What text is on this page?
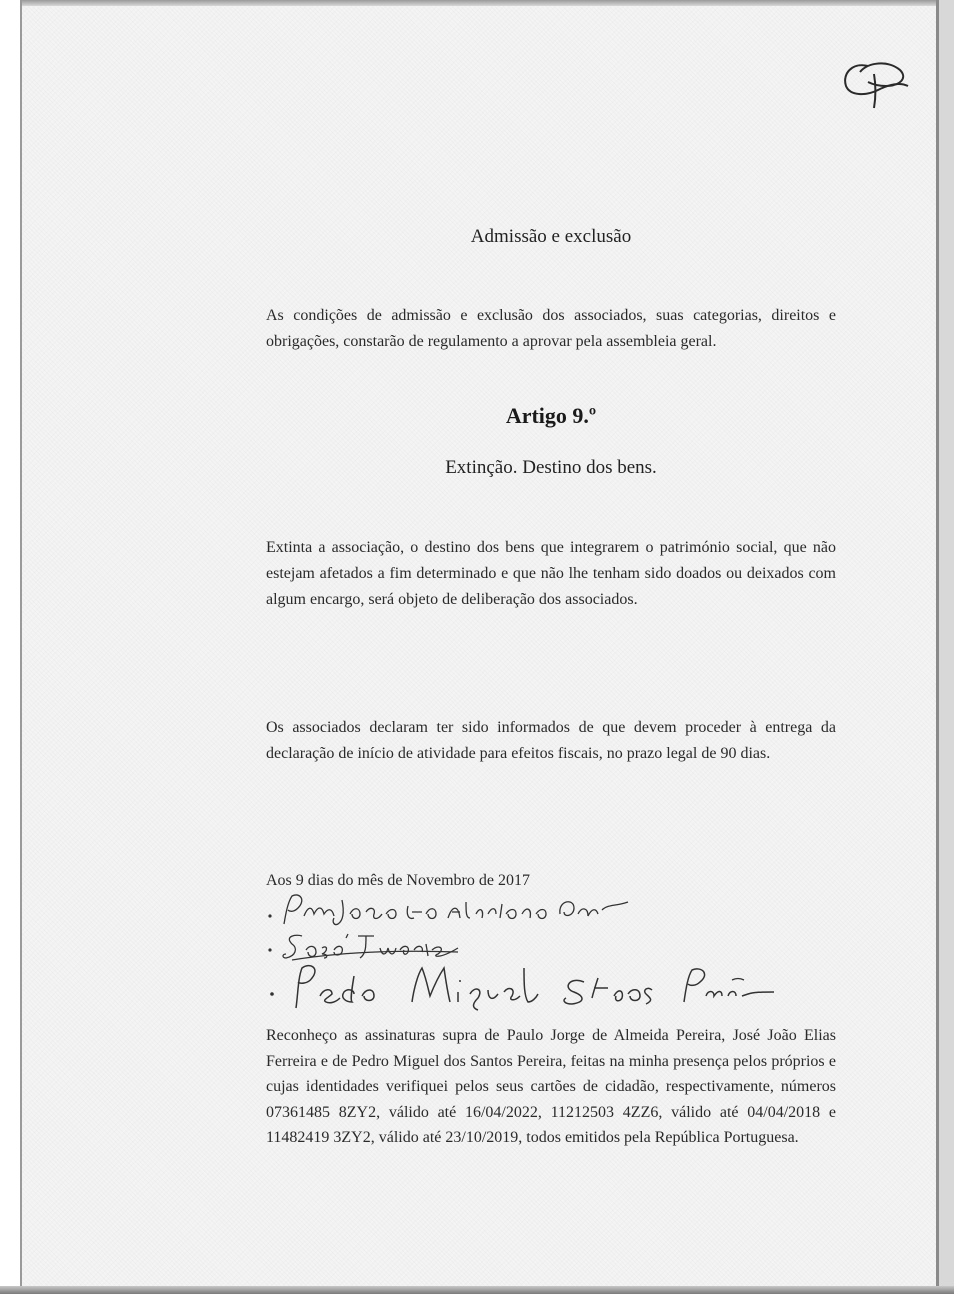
Admissão e exclusão

As condições de admissão e exclusão dos associados, suas categorias, direitos e obrigações, constarão de regulamento a aprovar pela assembleia geral.

Artigo 9.º
Extinção. Destino dos bens.

Extinta a associação, o destino dos bens que integrarem o património social, que não estejam afetados a fim determinado e que não lhe tenham sido doados ou deixados com algum encargo, será objeto de deliberação dos associados.

Os associados declaram ter sido informados de que devem proceder à entrega da declaração de início de atividade para efeitos fiscais, no prazo legal de 90 dias.

Aos 9 dias do mês de Novembro de 2017

Reconheço as assinaturas supra de Paulo Jorge de Almeida Pereira, José João Elias Ferreira e de Pedro Miguel dos Santos Pereira, feitas na minha presença pelos próprios e cujas identidades verifiquei pelos seus cartões de cidadão, respectivamente, números 07361485 8ZY2, válido até 16/04/2022, 11212503 4ZZ6, válido até 04/04/2018 e 11482419 3ZY2, válido até 23/10/2019, todos emitidos pela República Portuguesa.
